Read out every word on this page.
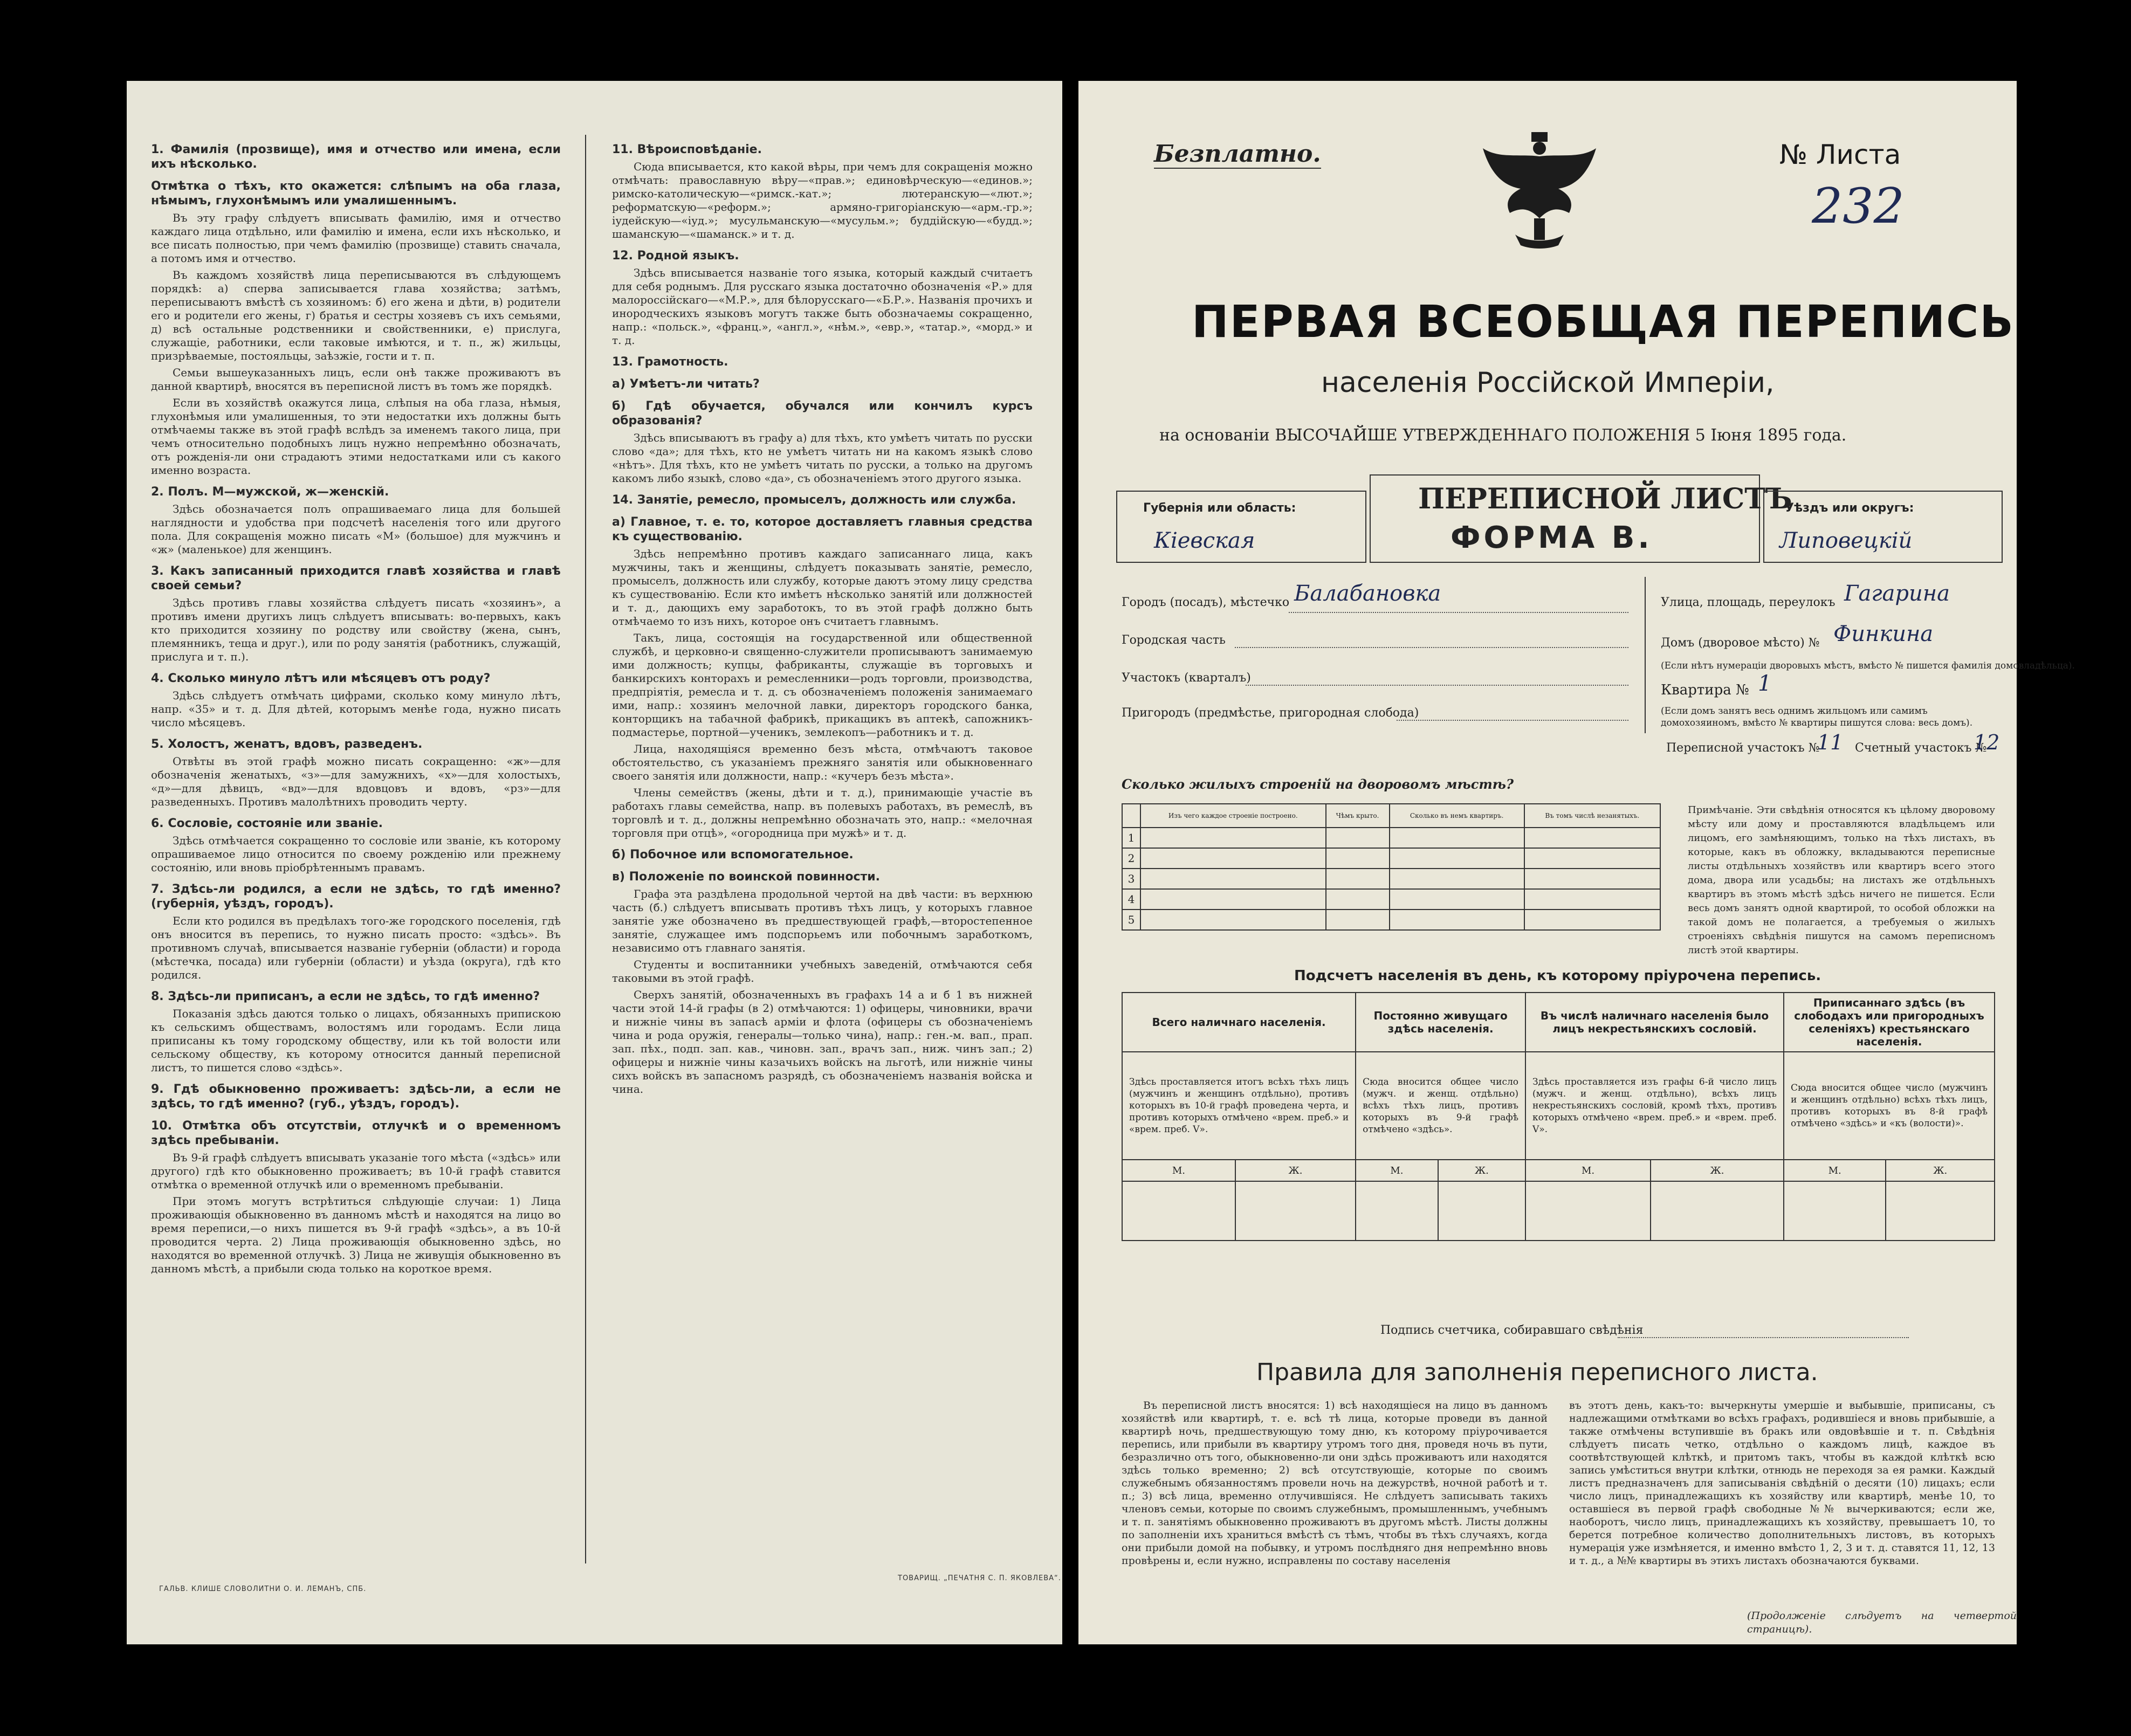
1. Фамилія (прозвище), имя и отчество или имена, если ихъ нѣсколько.
Отмѣтка о тѣхъ, кто окажется: слѣпымъ на оба глаза, нѣмымъ, глухонѣмымъ или умалишеннымъ.

Въ эту графу слѣдуетъ вписывать фамилію, имя и отчество каждаго лица отдѣльно, или фамилію и имена, если ихъ нѣсколько, и все писать полностью, при чемъ фамилію (прозвище) ставить сначала, а потомъ имя и отчество.

Въ каждомъ хозяйствѣ лица переписываются въ слѣдующемъ порядкѣ: а) сперва записывается глава хозяйства; затѣмъ, переписываютъ вмѣстѣ съ хозяиномъ: б) его жена и дѣти, в) родители его и родители его жены, г) братья и сестры хозяевъ съ ихъ семьями, д) всѣ остальные родственники и свойственники, е) прислуга, служащіе, работники, если таковые имѣются, и т. п., ж) жильцы, призрѣваемые, постояльцы, заѣзжіе, гости и т. п.

Семьи вышеуказанныхъ лицъ, если онѣ также проживаютъ въ данной квартирѣ, вносятся въ переписной листъ въ томъ же порядкѣ.

Если въ хозяйствѣ окажутся лица, слѣпыя на оба глаза, нѣмыя, глухонѣмыя или умалишенныя, то эти недостатки ихъ должны быть отмѣчаемы также въ этой графѣ вслѣдъ за именемъ такого лица, при чемъ относительно подобныхъ лицъ нужно непремѣнно обозначать, отъ рожденія-ли они страдаютъ этими недостатками или съ какого именно возраста.

2. Полъ. М—мужской, ж—женскій.

Здѣсь обозначается полъ опрашиваемаго лица для большей наглядности и удобства при подсчетѣ населенія того или другого пола. Для сокращенія можно писать «М» (большое) для мужчинъ и «ж» (маленькое) для женщинъ.

3. Какъ записанный приходится главѣ хозяйства и главѣ своей семьи?

Здѣсь противъ главы хозяйства слѣдуетъ писать «хозяинъ», а противъ имени другихъ лицъ слѣдуетъ вписывать: во-первыхъ, какъ кто приходится хозяину по родству или свойству (жена, сынъ, племянникъ, теща и друг.), или по роду занятія (работникъ, служащій, прислуга и т. п.).

4. Сколько минуло лѣтъ или мѣсяцевъ отъ роду?

Здѣсь слѣдуетъ отмѣчать цифрами, сколько кому минуло лѣтъ, напр. «35» и т. д. Для дѣтей, которымъ менѣе года, нужно писать число мѣсяцевъ.

5. Холостъ, женатъ, вдовъ, разведенъ.

Отвѣты въ этой графѣ можно писать сокращенно: «ж»—для обозначенія женатыхъ, «з»—для замужнихъ, «х»—для холостыхъ, «д»—для дѣвицъ, «вд»—для вдовцовъ и вдовъ, «рз»—для разведенныхъ. Противъ малолѣтнихъ проводить черту.

6. Сословіе, состояніе или званіе.

Здѣсь отмѣчается сокращенно то сословіе или званіе, къ которому опрашиваемое лицо относится по своему рожденію или прежнему состоянію, или вновь пріобрѣтеннымъ правамъ.

7. Здѣсь-ли родился, а если не здѣсь, то гдѣ именно? (губернія, уѣздъ, городъ).

Если кто родился въ предѣлахъ того-же городского поселенія, гдѣ онъ вносится въ перепись, то нужно писать просто: «здѣсь». Въ противномъ случаѣ, вписывается названіе губерніи (области) и города (мѣстечка, посада) или губерніи (области) и уѣзда (округа), гдѣ кто родился.

8. Здѣсь-ли приписанъ, а если не здѣсь, то гдѣ именно?

Показанія здѣсь даются только о лицахъ, обязанныхъ припискою къ сельскимъ обществамъ, волостямъ или городамъ. Если лица приписаны къ тому городскому обществу, или къ той волости или сельскому обществу, къ которому относится данный переписной листъ, то пишется слово «здѣсь».

9. Гдѣ обыкновенно проживаетъ: здѣсь-ли, а если не здѣсь, то гдѣ именно? (губ., уѣздъ, городъ).
10. Отмѣтка объ отсутствіи, отлучкѣ и о временномъ здѣсь пребываніи.

Въ 9-й графѣ слѣдуетъ вписывать указаніе того мѣста («здѣсь» или другого) гдѣ кто обыкновенно проживаетъ; въ 10-й графѣ ставится отмѣтка о временной отлучкѣ или о временномъ пребываніи.

При этомъ могутъ встрѣтиться слѣдующіе случаи: 1) Лица проживающія обыкновенно въ данномъ мѣстѣ и находятся на лицо во время переписи,—о нихъ пишется въ 9-й графѣ «здѣсь», а въ 10-й проводится черта. 2) Лица проживающія обыкновенно здѣсь, но находятся во временной отлучкѣ. 3) Лица не живущія обыкновенно въ данномъ мѣстѣ, а прибыли сюда только на короткое время.

11. Вѣроисповѣданіе.

Сюда вписывается, кто какой вѣры, при чемъ для сокращенія можно отмѣчать: православную вѣру—«прав.»; единовѣрческую—«единов.»; римско-католическую—«римск.-кат.»; лютеранскую—«лют.»; реформатскую—«реформ.»; армяно-григоріанскую—«арм.-гр.»; іудейскую—«іуд.»; мусульманскую—«мусульм.»; буддійскую—«будд.»; шаманскую—«шаманск.» и т. д.

12. Родной языкъ.

Здѣсь вписывается названіе того языка, который каждый считаетъ для себя роднымъ. Для русскаго языка достаточно обозначенія «Р.» для малороссійскаго—«М.Р.», для бѣлорусскаго—«Б.Р.». Названія прочихъ и инородческихъ языковъ могутъ также быть обозначаемы сокращенно, напр.: «польск.», «франц.», «англ.», «нѣм.», «евр.», «татар.», «морд.» и т. д.

13. Грамотность.
а) Умѣетъ-ли читать?
б) Гдѣ обучается, обучался или кончилъ курсъ образованія?

Здѣсь вписываютъ въ графу а) для тѣхъ, кто умѣетъ читать по русски слово «да»; для тѣхъ, кто не умѣетъ читать ни на какомъ языкѣ слово «нѣтъ». Для тѣхъ, кто не умѣетъ читать по русски, а только на другомъ какомъ либо языкѣ, слово «да», съ обозначеніемъ этого другого языка.

14. Занятіе, ремесло, промыселъ, должность или служба.
а) Главное, т. е. то, которое доставляетъ главныя средства къ существованію.

Здѣсь непремѣнно противъ каждаго записаннаго лица, какъ мужчины, такъ и женщины, слѣдуетъ показывать занятіе, ремесло, промыселъ, должность или службу, которые даютъ этому лицу средства къ существованію. Если кто имѣетъ нѣсколько занятій или должностей и т. д., дающихъ ему заработокъ, то въ этой графѣ должно быть отмѣчаемо то изъ нихъ, которое онъ считаетъ главнымъ.

Такъ, лица, состоящія на государственной или общественной службѣ, и церковно-и священно-служители прописываютъ занимаемую ими должность; купцы, фабриканты, служащіе въ торговыхъ и банкирскихъ конторахъ и ремесленники—родъ торговли, производства, предпріятія, ремесла и т. д. съ обозначеніемъ положенія занимаемаго ими, напр.: хозяинъ мелочной лавки, директоръ городского банка, конторщикъ на табачной фабрикѣ, прикащикъ въ аптекѣ, сапожникъ-подмастерье, портной—ученикъ, землекопъ—работникъ и т. д.

Лица, находящіяся временно безъ мѣста, отмѣчаютъ таковое обстоятельство, съ указаніемъ прежняго занятія или обыкновеннаго своего занятія или должности, напр.: «кучеръ безъ мѣста».

Члены семействъ (жены, дѣти и т. д.), принимающіе участіе въ работахъ главы семейства, напр. въ полевыхъ работахъ, въ ремеслѣ, въ торговлѣ и т. д., должны непремѣнно обозначать это, напр.: «мелочная торговля при отцѣ», «огородница при мужѣ» и т. д.

б) Побочное или вспомогательное.
в) Положеніе по воинской повинности.

Графа эта раздѣлена продольной чертой на двѣ части: въ верхнюю часть (б.) слѣдуетъ вписывать противъ тѣхъ лицъ, у которыхъ главное занятіе уже обозначено въ предшествующей графѣ,—второстепенное занятіе, служащее имъ подспорьемъ или побочнымъ заработкомъ, независимо отъ главнаго занятія.

Студенты и воспитанники учебныхъ заведеній, отмѣчаются себя таковыми въ этой графѣ.

Сверхъ занятій, обозначенныхъ въ графахъ 14 а и б 1 въ нижней части этой 14-й графы (в 2) отмѣчаются: 1) офицеры, чиновники, врачи и нижніе чины въ запасѣ арміи и флота (офицеры съ обозначеніемъ чина и рода оружія, генералы—только чина), напр.: ген.-м. вап., прап. зап. пѣх., подп. зап. кав., чиновн. зап., врачъ зап., ниж. чинъ зап.; 2) офицеры и нижніе чины казачьихъ войскъ на льготѣ, или нижніе чины сихъ войскъ въ запасномъ разрядѣ, съ обозначеніемъ названія войска и чина.

ГАЛЬВ. КЛИШЕ СЛОВОЛИТНИ О. И. ЛЕМАНЪ, СПБ.
ТОВАРИЩ. „ПЕЧАТНЯ С. П. ЯКОВЛЕВА“.
Безплатно.	№ Листа
232
ПЕРВАЯ ВСЕОБЩАЯ ПЕРЕПИСЬ
населенія Россійской Имперіи,
на основаніи ВЫСОЧАЙШЕ УТВЕРЖДЕННАГО ПОЛОЖЕНІЯ 5 Іюня 1895 года.
Губернія или область:
Кіевская
ПЕРЕПИСНОЙ ЛИСТЪ
ФОРМА В.
Уѣздъ или округъ:
Липовецкій
Городъ (посадъ), мѣстечко Балабановка
Городская часть
Участокъ (кварталъ)
Пригородъ (предмѣстье, пригородная слобода)
Улица, площадь, переулокъ Гагарина
Домъ (дворовое мѣсто) № Финкина
(Если нѣтъ нумераціи дворовыхъ мѣстъ, вмѣсто № пишется фамилія домовладѣльца).
Квартира № 1
(Если домъ занятъ весь однимъ жильцомъ или самимъ домохозяиномъ, вмѣсто № квартиры пишутся слова: весь домъ).
Переписной участокъ №
11 Счетный участокъ №
12
Сколько жилыхъ строеній на дворовомъ мѣстѣ?
	Изъ чего каждое строеніе построено.	Чѣмъ крыто.	Сколько въ немъ квартиръ.	Въ томъ числѣ незанятыхъ.
1				
2				
3				
4				
5				
Примѣчаніе. Эти свѣдѣнія относятся къ цѣлому дворовому мѣсту или дому и проставляются владѣльцемъ или лицомъ, его замѣняющимъ, только на тѣхъ листахъ, въ которые, какъ въ обложку, вкладываются переписные листы отдѣльныхъ хозяйствъ или квартиръ всего этого дома, двора или усадьбы; на листахъ же отдѣльныхъ квартиръ въ этомъ мѣстѣ здѣсь ничего не пишется. Если весь домъ занятъ одной квартирой, то особой обложки на такой домъ не полагается, а требуемыя о жилыхъ строеніяхъ свѣдѣнія пишутся на самомъ переписномъ листѣ этой квартиры.
Подсчетъ населенія въ день, къ которому пріурочена перепись.
Всего наличнаго населенія.		Постоянно живущаго здѣсь населенія.		Въ числѣ наличнаго населенія было лицъ некрестьянскихъ сословій.		Приписаннаго здѣсь (въ слободахъ или пригородныхъ селеніяхъ) крестьянскаго населенія.	
Здѣсь проставляется итогъ всѣхъ тѣхъ лицъ (мужчинъ и женщинъ отдѣльно), противъ которыхъ въ 10-й графѣ проведена черта, и противъ которыхъ отмѣчено «врем. преб.» и «врем. преб. V».		Сюда вносится общее число (мужч. и женщ. отдѣльно) всѣхъ тѣхъ лицъ, противъ которыхъ въ 9-й графѣ отмѣчено «здѣсь».		Здѣсь проставляется изъ графы 6-й число лицъ (мужч. и женщ. отдѣльно), всѣхъ лицъ некрестьянскихъ сословій, кромѣ тѣхъ, противъ которыхъ отмѣчено «врем. преб.» и «врем. преб. V».		Сюда вносится общее число (мужчинъ и женщинъ отдѣльно) всѣхъ тѣхъ лицъ, противъ которыхъ въ 8-й графѣ отмѣчено «здѣсь» и «къ (волости)».	
М.	Ж.	М.	Ж.	М.	Ж.	М.	Ж.

Подпись счетчика, собиравшаго свѣдѣнія
Правила для заполненія переписного листа.
Въ переписной листъ вносятся: 1) всѣ находящіеся на лицо въ данномъ хозяйствѣ или квартирѣ, т. е. всѣ тѣ лица, которые проведи въ данной квартирѣ ночь, предшествующую тому дню, къ которому пріурочивается перепись, или прибыли въ квартиру утромъ того дня, проведя ночь въ пути, безразлично отъ того, обыкновенно-ли они здѣсь проживаютъ или находятся здѣсь только временно; 2) всѣ отсутствующіе, которые по своимъ служебнымъ обязанностямъ провели ночь на дежурствѣ, ночной работѣ и т. п.; 3) всѣ лица, временно отлучившіяся. Не слѣдуетъ записывать такихъ членовъ семьи, которые по своимъ служебнымъ, промышленнымъ, учебнымъ и т. п. занятіямъ обыкновенно проживаютъ въ другомъ мѣстѣ. Листы должны по заполненіи ихъ храниться вмѣстѣ съ тѣмъ, чтобы въ тѣхъ случаяхъ, когда они прибыли домой на побывку, и утромъ послѣдняго дня непремѣнно вновь провѣрены и, если нужно, исправлены по составу населенія
въ этотъ день, какъ-то: вычеркнуты умершіе и выбывшіе, приписаны, съ надлежащими отмѣтками во всѣхъ графахъ, родившіеся и вновь прибывшіе, а также отмѣчены вступившіе въ бракъ или овдовѣвшіе и т. п. Свѣдѣнія слѣдуетъ писать четко, отдѣльно о каждомъ лицѣ, каждое въ соотвѣтствующей клѣткѣ, и притомъ такъ, чтобы въ каждой клѣткѣ всю запись умѣститься внутри клѣтки, отнюдь не переходя за ея рамки. Каждый листъ предназначенъ для записыванія свѣдѣній о десяти (10) лицахъ; если число лицъ, принадлежащихъ къ хозяйству или квартирѣ, менѣе 10, то оставшіеся въ первой графѣ свободные №№ вычеркиваются; если же, наоборотъ, число лицъ, принадлежащихъ къ хозяйству, превышаетъ 10, то берется потребное количество дополнительныхъ листовъ, въ которыхъ нумерація уже измѣняется, и именно вмѣсто 1, 2, 3 и т. д. ставятся 11, 12, 13 и т. д., а №№ квартиры въ этихъ листахъ обозначаются буквами.
(Продолженіе слѣдуетъ на четвертой страницѣ).
